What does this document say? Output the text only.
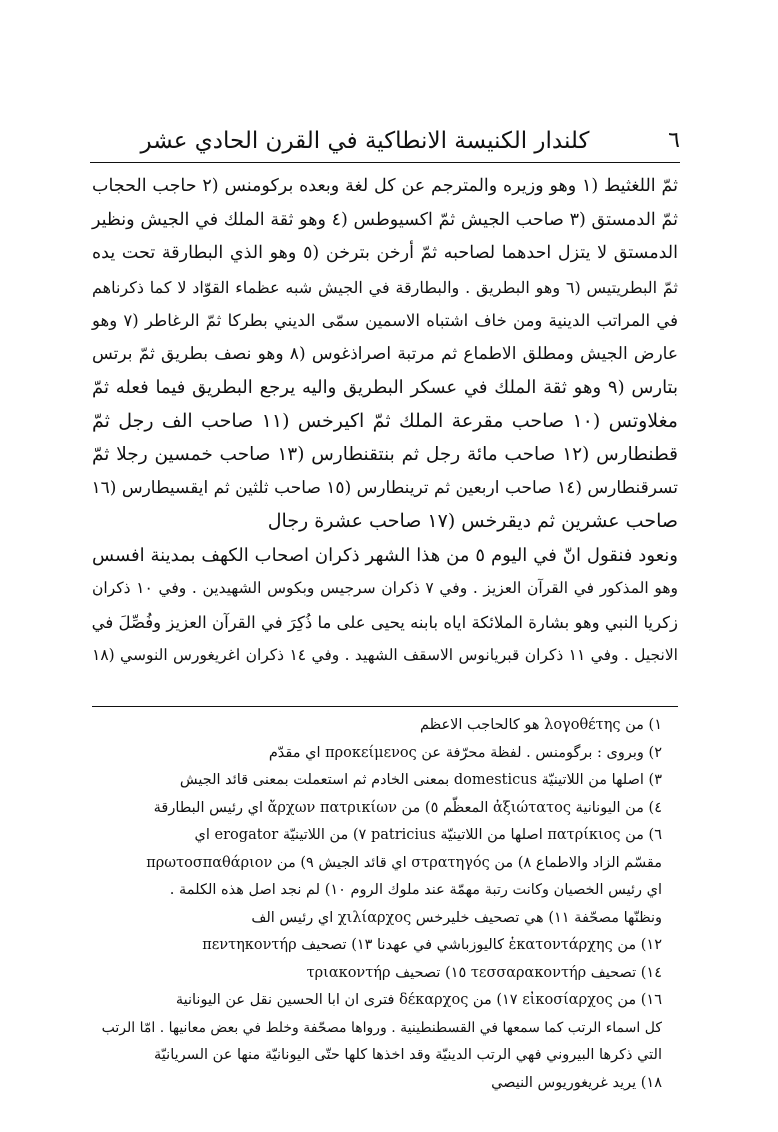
كلندار الكنيسة الانطاكية في القرن الحادي عشر	٦
ثمّ اللغثيط (١ وهو وزيره والمترجم عن كل لغة وبعده بركومنس (٢ حاجب الحجاب
ثمّ الدمستق (٣ صاحب الجيش ثمّ اكسيوطس (٤ وهو ثقة الملك في الجيش ونظير
الدمستق لا يتزل احدهما لصاحبه ثمّ أرخن بترخن (٥ وهو الذي البطارقة تحت يده
ثمّ البطريتيس (٦ وهو البطريق . والبطارقة في الجيش شبه عظماء القوّاد لا كما ذكرناهم
في المراتب الدينية ومن خاف اشتباه الاسمين سمّى الديني بطركا ثمّ الرغاطر (٧ وهو
عارض الجيش ومطلق الاطماع ثم مرتبة اصراذغوس (٨ وهو نصف بطريق ثمّ برتس
بتارس (٩ وهو ثقة الملك في عسكر البطريق واليه يرجع البطريق فيما فعله ثمّ
مغلاوتس (١٠ صاحب مقرعة الملك ثمّ اكيرخس (١١ صاحب الف رجل ثمّ
قطنطارس (١٢ صاحب مائة رجل ثم بنتقنطارس (١٣ صاحب خمسين رجلا ثمّ
تسرقنطارس (١٤ صاحب اربعين ثم ترينطارس (١٥ صاحب ثلثين ثم ايقسيطارس (١٦
صاحب عشرين ثم ديقرخس (١٧ صاحب عشرة رجال
ونعود فنقول انّ في اليوم ٥ من هذا الشهر ذكران اصحاب الكهف بمدينة افسس
وهو المذكور في القرآن العزيز . وفي ٧ ذكران سرجيس وبكوس الشهيدين . وفي ١٠ ذكران
زكريا النبي وهو بشارة الملائكة اياه بابنه يحيى على ما ذُكِرَ في القرآن العزيز وفُصِّلَ في
الانجيل . وفي ١١ ذكران قبريانوس الاسقف الشهيد . وفي ١٤ ذكران اغريغورس النوسي (١٨
١) من λογοθέτης هو كالحاجب الاعظم
٢) وبروى : برگومنس . لفظة محرّفة عن προκείμενος اي مقدّم
٣) اصلها من اللاتينيّة domesticus بمعنى الخادم ثم استعملت بمعنى قائد الجيش
٤) من اليونانية ἀξιώτατος المعظّم ٥) من ἄρχων πατρικίων اي رئيس البطارقة
٦) من πατρίκιος اصلها من اللاتينيّة patricius ٧) من اللاتينيّة erogator اي
مقسّم الزاد والاطماع ٨) من στρατηγός اي قائد الجيش ٩) من πρωτοσπαθάριον
اي رئيس الخصيان وكانت رتبة مهمّة عند ملوك الروم ١٠) لم نجد اصل هذه الكلمة .
ونظنّها مصحّفة ١١) هي تصحيف خليرخس χιλίαρχος اي رئيس الف
١٢) من ἑκατοντάρχης كاليوزباشي في عهدنا ١٣) تصحيف πεντηκοντήρ
١٤) تصحيف τεσσαρακοντήρ ١٥) تصحيف τριακοντήρ
١٦) من εἰκοσίαρχος ١٧) من δέκαρχος فترى ان ابا الحسين نقل عن اليونانية
كل اسماء الرتب كما سمعها في القسطنطينية . ورواها مصحّفة وخلط في بعض معانيها . امّا الرتب
التي ذكرها البيروني فهي الرتب الدينيّة وقد اخذها كلها حتّى اليونانيّة منها عن السريانيّة
١٨) يريد غريغوريوس النيصي
